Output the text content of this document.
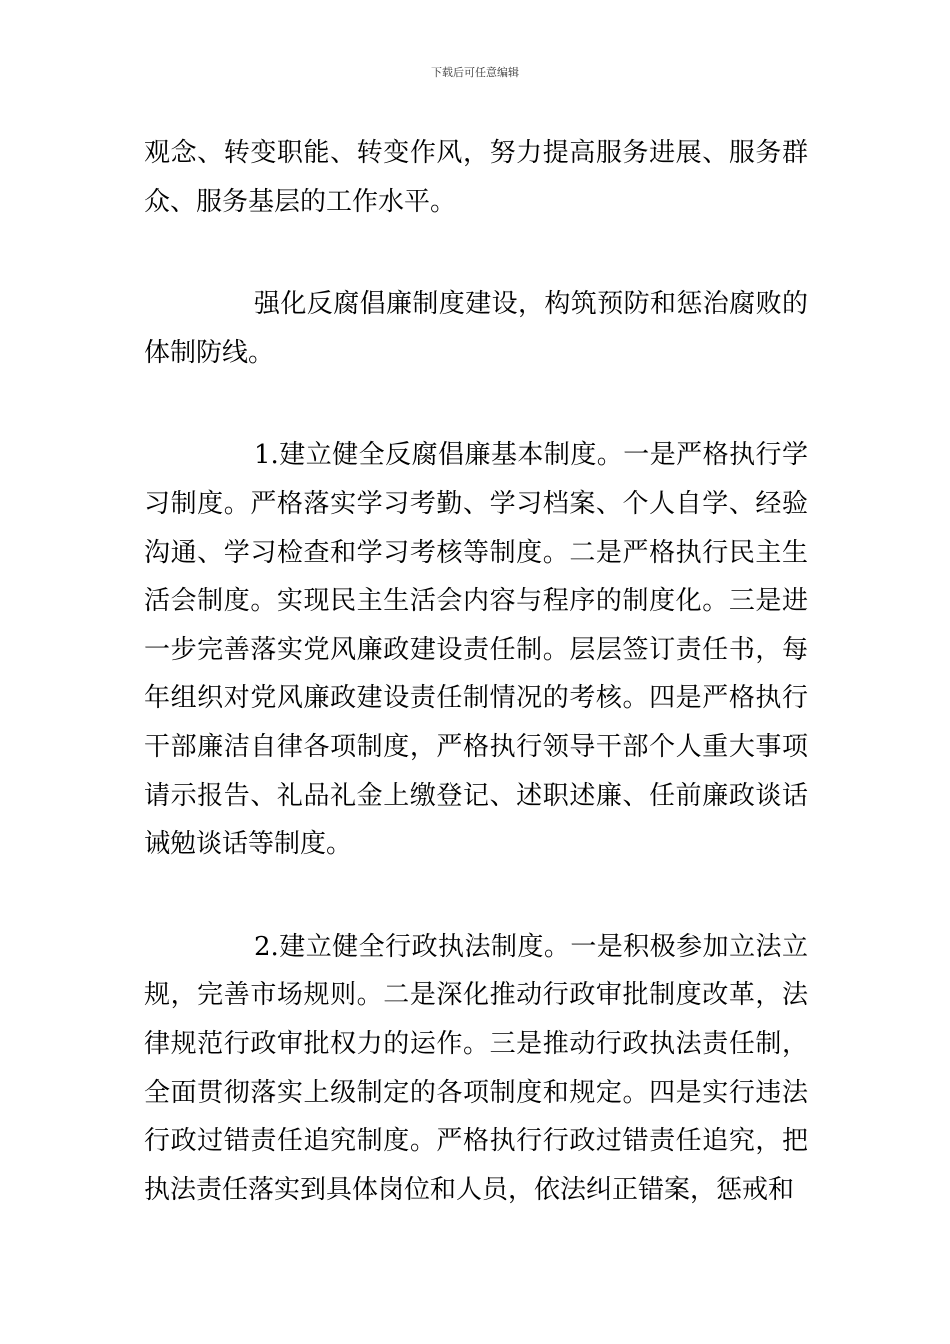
下载后可任意编辑

观念、转变职能、转变作风，努力提高服务进展、服务群众、服务基层的工作水平。

强化反腐倡廉制度建设，构筑预防和惩治腐败的体制防线。

1.建立健全反腐倡廉基本制度。一是严格执行学习制度。严格落实学习考勤、学习档案、个人自学、经验沟通、学习检查和学习考核等制度。二是严格执行民主生活会制度。实现民主生活会内容与程序的制度化。三是进一步完善落实党风廉政建设责任制。层层签订责任书，每年组织对党风廉政建设责任制情况的考核。四是严格执行干部廉洁自律各项制度，严格执行领导干部个人重大事项请示报告、礼品礼金上缴登记、述职述廉、任前廉政谈话诫勉谈话等制度。

2.建立健全行政执法制度。一是积极参加立法立规，完善市场规则。二是深化推动行政审批制度改革，法律规范行政审批权力的运作。三是推动行政执法责任制，全面贯彻落实上级制定的各项制度和规定。四是实行违法行政过错责任追究制度。严格执行行政过错责任追究，把执法责任落实到具体岗位和人员，依法纠正错案，惩戒和
